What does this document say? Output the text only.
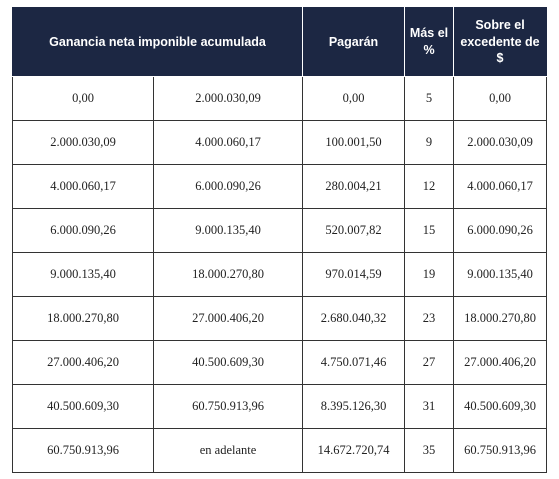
Ganancia neta imponible acumulada		Pagarán	Más el %	Sobre el excedente de $
0,00	2.000.030,09	0,00	5	0,00
2.000.030,09	4.000.060,17	100.001,50	9	2.000.030,09
4.000.060,17	6.000.090,26	280.004,21	12	4.000.060,17
6.000.090,26	9.000.135,40	520.007,82	15	6.000.090,26
9.000.135,40	18.000.270,80	970.014,59	19	9.000.135,40
18.000.270,80	27.000.406,20	2.680.040,32	23	18.000.270,80
27.000.406,20	40.500.609,30	4.750.071,46	27	27.000.406,20
40.500.609,30	60.750.913,96	8.395.126,30	31	40.500.609,30
60.750.913,96	en adelante	14.672.720,74	35	60.750.913,96
